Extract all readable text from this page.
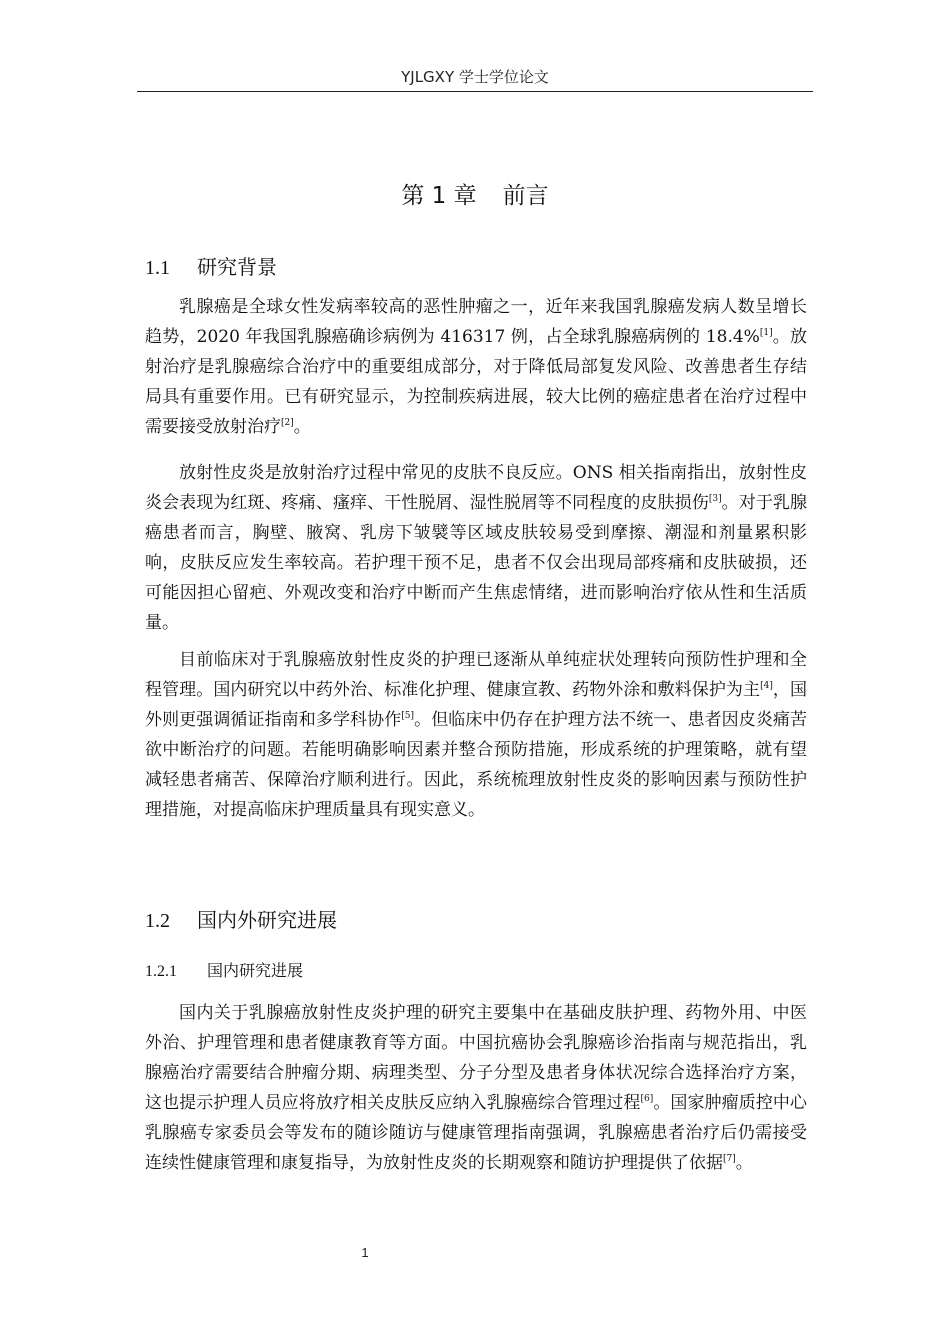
YJLGXY 学士学位论文
第 1 章 前言
1.1 研究背景

乳腺癌是全球女性发病率较高的恶性肿瘤之一，近年来我国乳腺癌发病人数呈增长趋势，2020 年我国乳腺癌确诊病例为 416317 例，占全球乳腺癌病例的 18.4%[1]。放射治疗是乳腺癌综合治疗中的重要组成部分，对于降低局部复发风险、改善患者生存结局具有重要作用。已有研究显示，为控制疾病进展，较大比例的癌症患者在治疗过程中需要接受放射治疗[2]。

放射性皮炎是放射治疗过程中常见的皮肤不良反应。ONS 相关指南指出，放射性皮炎会表现为红斑、疼痛、瘙痒、干性脱屑、湿性脱屑等不同程度的皮肤损伤[3]。对于乳腺癌患者而言，胸壁、腋窝、乳房下皱襞等区域皮肤较易受到摩擦、潮湿和剂量累积影响，皮肤反应发生率较高。若护理干预不足，患者不仅会出现局部疼痛和皮肤破损，还可能因担心留疤、外观改变和治疗中断而产生焦虑情绪，进而影响治疗依从性和生活质量。

目前临床对于乳腺癌放射性皮炎的护理已逐渐从单纯症状处理转向预防性护理和全程管理。国内研究以中药外治、标准化护理、健康宣教、药物外涂和敷料保护为主[4]，国外则更强调循证指南和多学科协作[5]。但临床中仍存在护理方法不统一、患者因皮炎痛苦欲中断治疗的问题。若能明确影响因素并整合预防措施，形成系统的护理策略，就有望减轻患者痛苦、保障治疗顺利进行。因此，系统梳理放射性皮炎的影响因素与预防性护理措施，对提高临床护理质量具有现实意义。

1.2 国内外研究进展
1.2.1 国内研究进展

国内关于乳腺癌放射性皮炎护理的研究主要集中在基础皮肤护理、药物外用、中医外治、护理管理和患者健康教育等方面。中国抗癌协会乳腺癌诊治指南与规范指出，乳腺癌治疗需要结合肿瘤分期、病理类型、分子分型及患者身体状况综合选择治疗方案，这也提示护理人员应将放疗相关皮肤反应纳入乳腺癌综合管理过程[6]。国家肿瘤质控中心乳腺癌专家委员会等发布的随诊随访与健康管理指南强调，乳腺癌患者治疗后仍需接受连续性健康管理和康复指导，为放射性皮炎的长期观察和随访护理提供了依据[7]。

1
